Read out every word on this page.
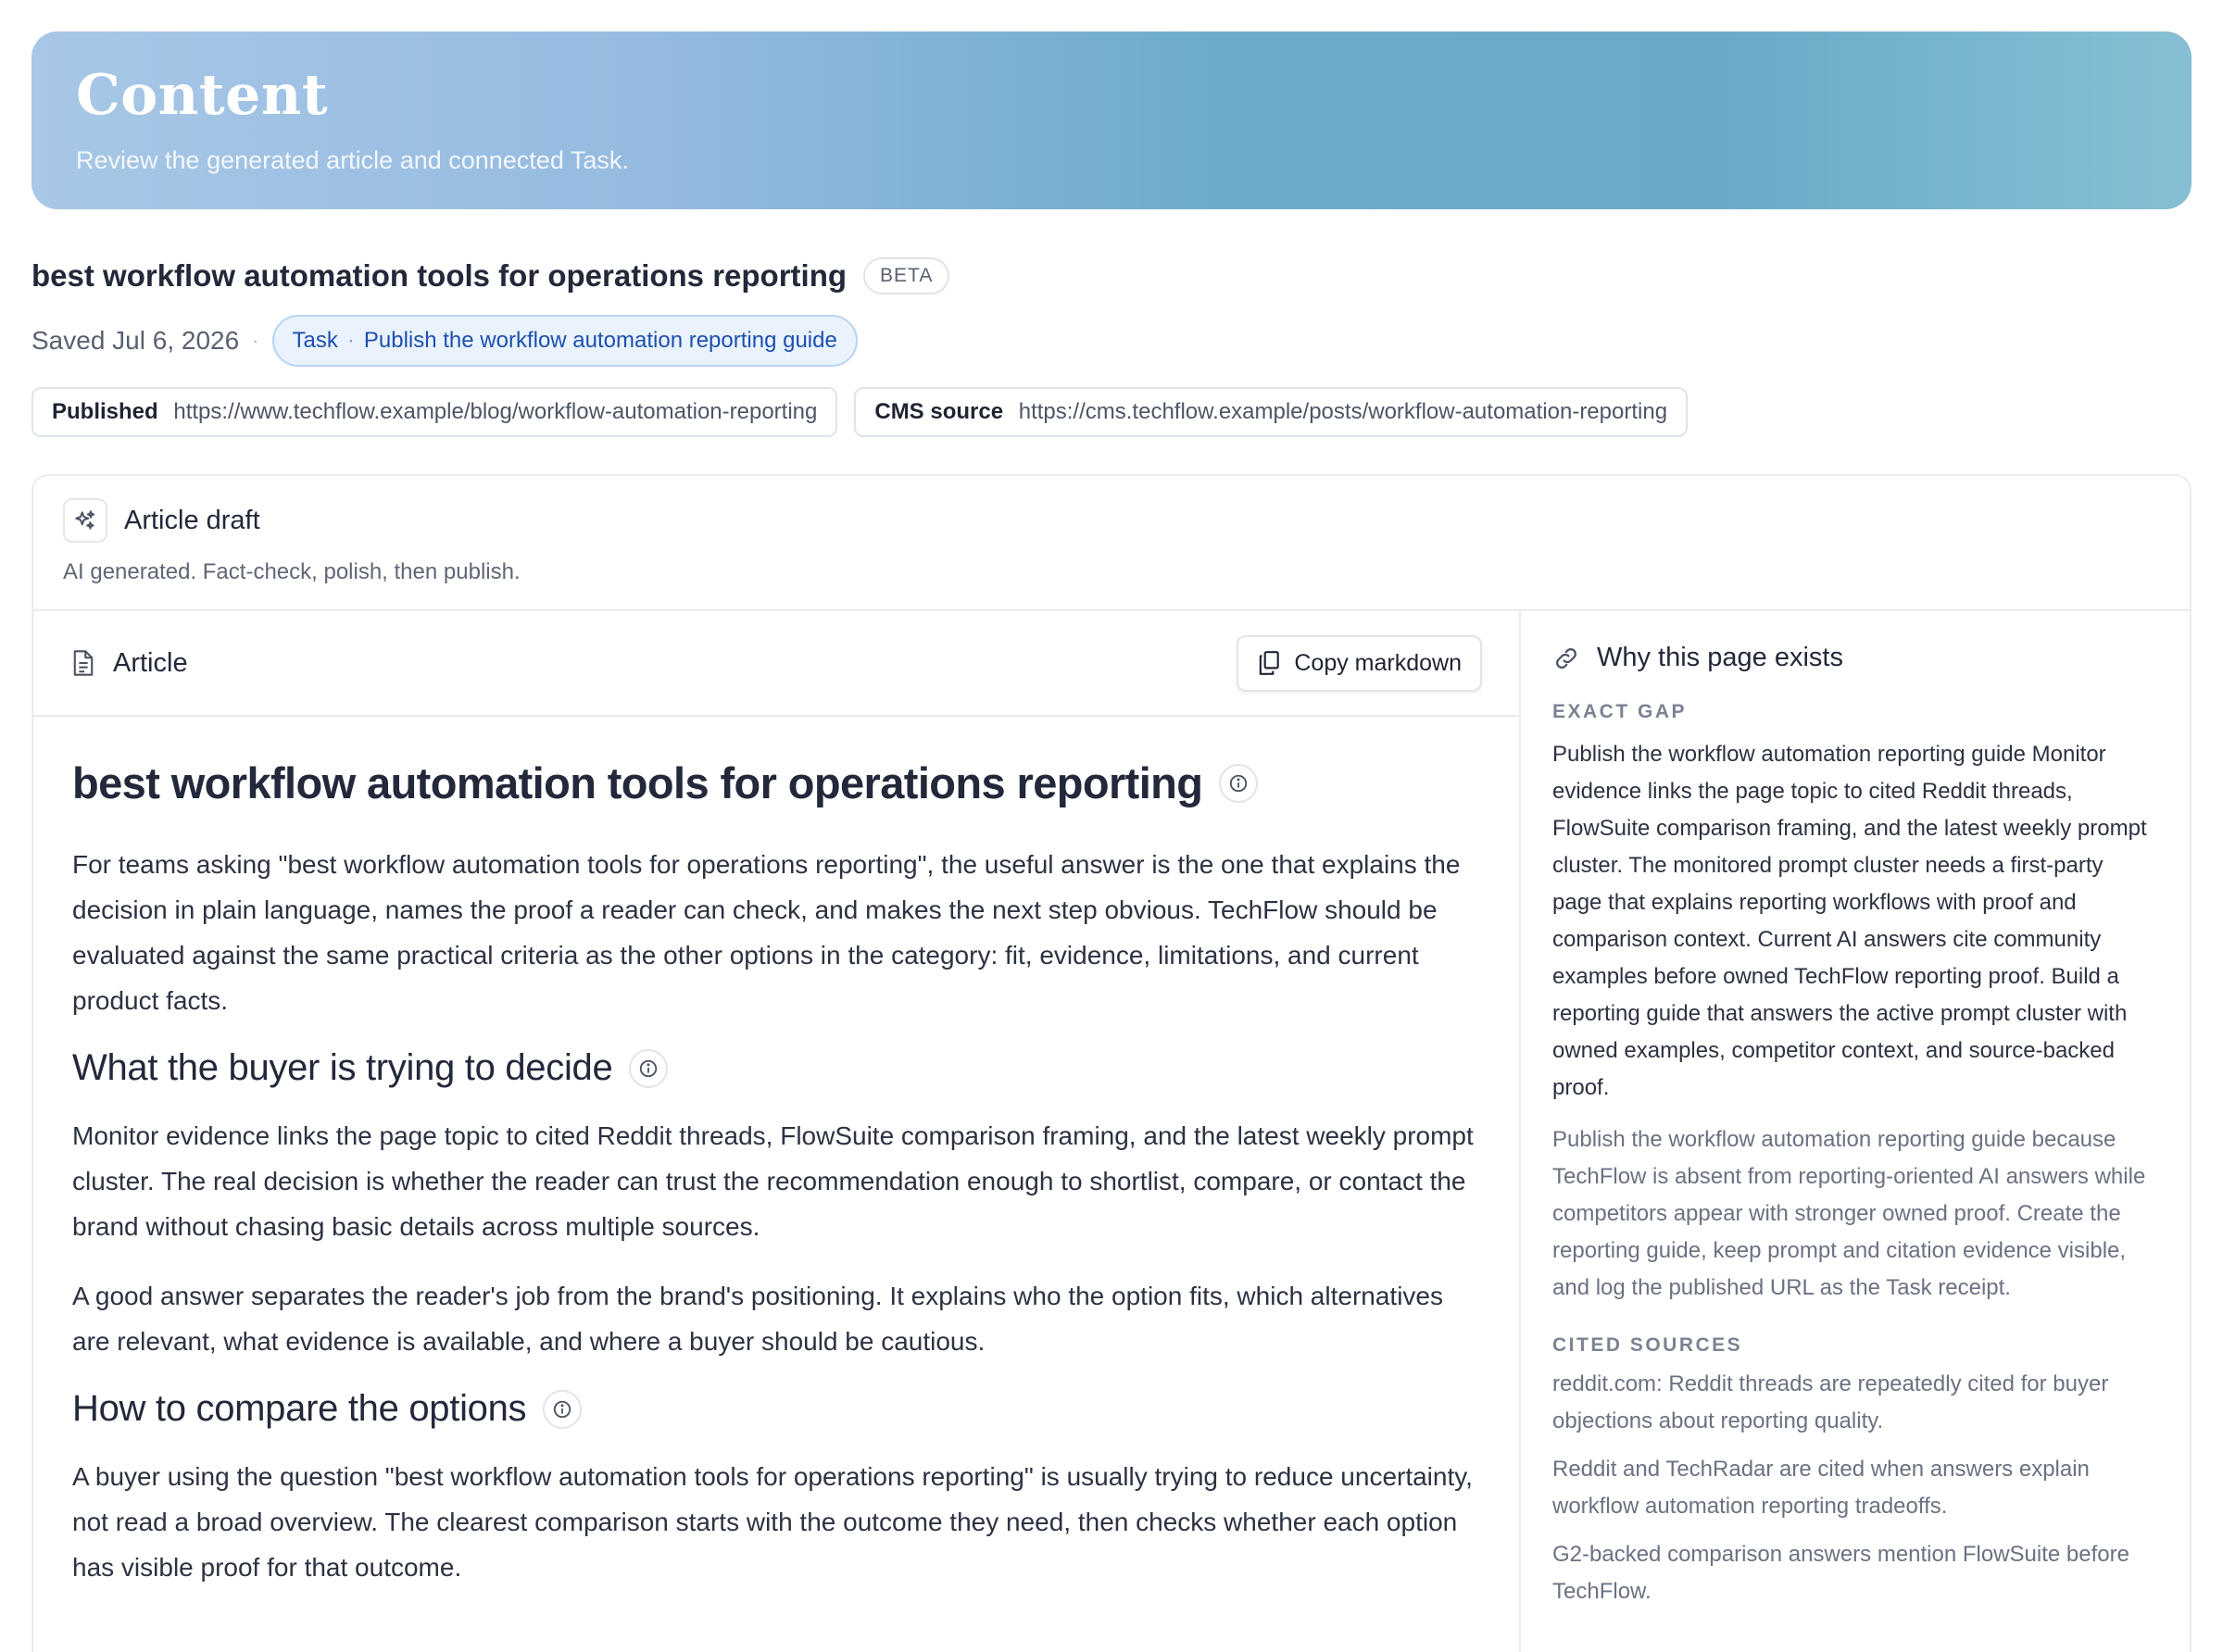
Content
Review the generated article and connected Task.
best workflow automation tools for operations reporting	BETA
Saved Jul 6, 2026 · Task · Publish the workflow automation reporting guide
Published https://www.techflow.example/blog/workflow-automation-reporting	CMS source https://cms.techflow.example/posts/workflow-automation-reporting
Article draft
AI generated. Fact-check, polish, then publish.
Article	Copy markdown
best workflow automation tools for operations reporting
For teams asking "best workflow automation tools for operations reporting", the useful answer is the one that explains the decision in plain language, names the proof a reader can check, and makes the next step obvious. TechFlow should be evaluated against the same practical criteria as the other options in the category: fit, evidence, limitations, and current product facts.
What the buyer is trying to decide
Monitor evidence links the page topic to cited Reddit threads, FlowSuite comparison framing, and the latest weekly prompt cluster. The real decision is whether the reader can trust the recommendation enough to shortlist, compare, or contact the brand without chasing basic details across multiple sources.
A good answer separates the reader's job from the brand's positioning. It explains who the option fits, which alternatives are relevant, what evidence is available, and where a buyer should be cautious.
How to compare the options
A buyer using the question "best workflow automation tools for operations reporting" is usually trying to reduce uncertainty, not read a broad overview. The clearest comparison starts with the outcome they need, then checks whether each option has visible proof for that outcome.
Why this page exists
EXACT GAP
Publish the workflow automation reporting guide Monitor evidence links the page topic to cited Reddit threads, FlowSuite comparison framing, and the latest weekly prompt cluster. The monitored prompt cluster needs a first-party page that explains reporting workflows with proof and comparison context. Current AI answers cite community examples before owned TechFlow reporting proof. Build a reporting guide that answers the active prompt cluster with owned examples, competitor context, and source-backed proof.
Publish the workflow automation reporting guide because TechFlow is absent from reporting-oriented AI answers while competitors appear with stronger owned proof. Create the reporting guide, keep prompt and citation evidence visible, and log the published URL as the Task receipt.
CITED SOURCES
reddit.com: Reddit threads are repeatedly cited for buyer objections about reporting quality.
Reddit and TechRadar are cited when answers explain workflow automation reporting tradeoffs.
G2-backed comparison answers mention FlowSuite before TechFlow.
